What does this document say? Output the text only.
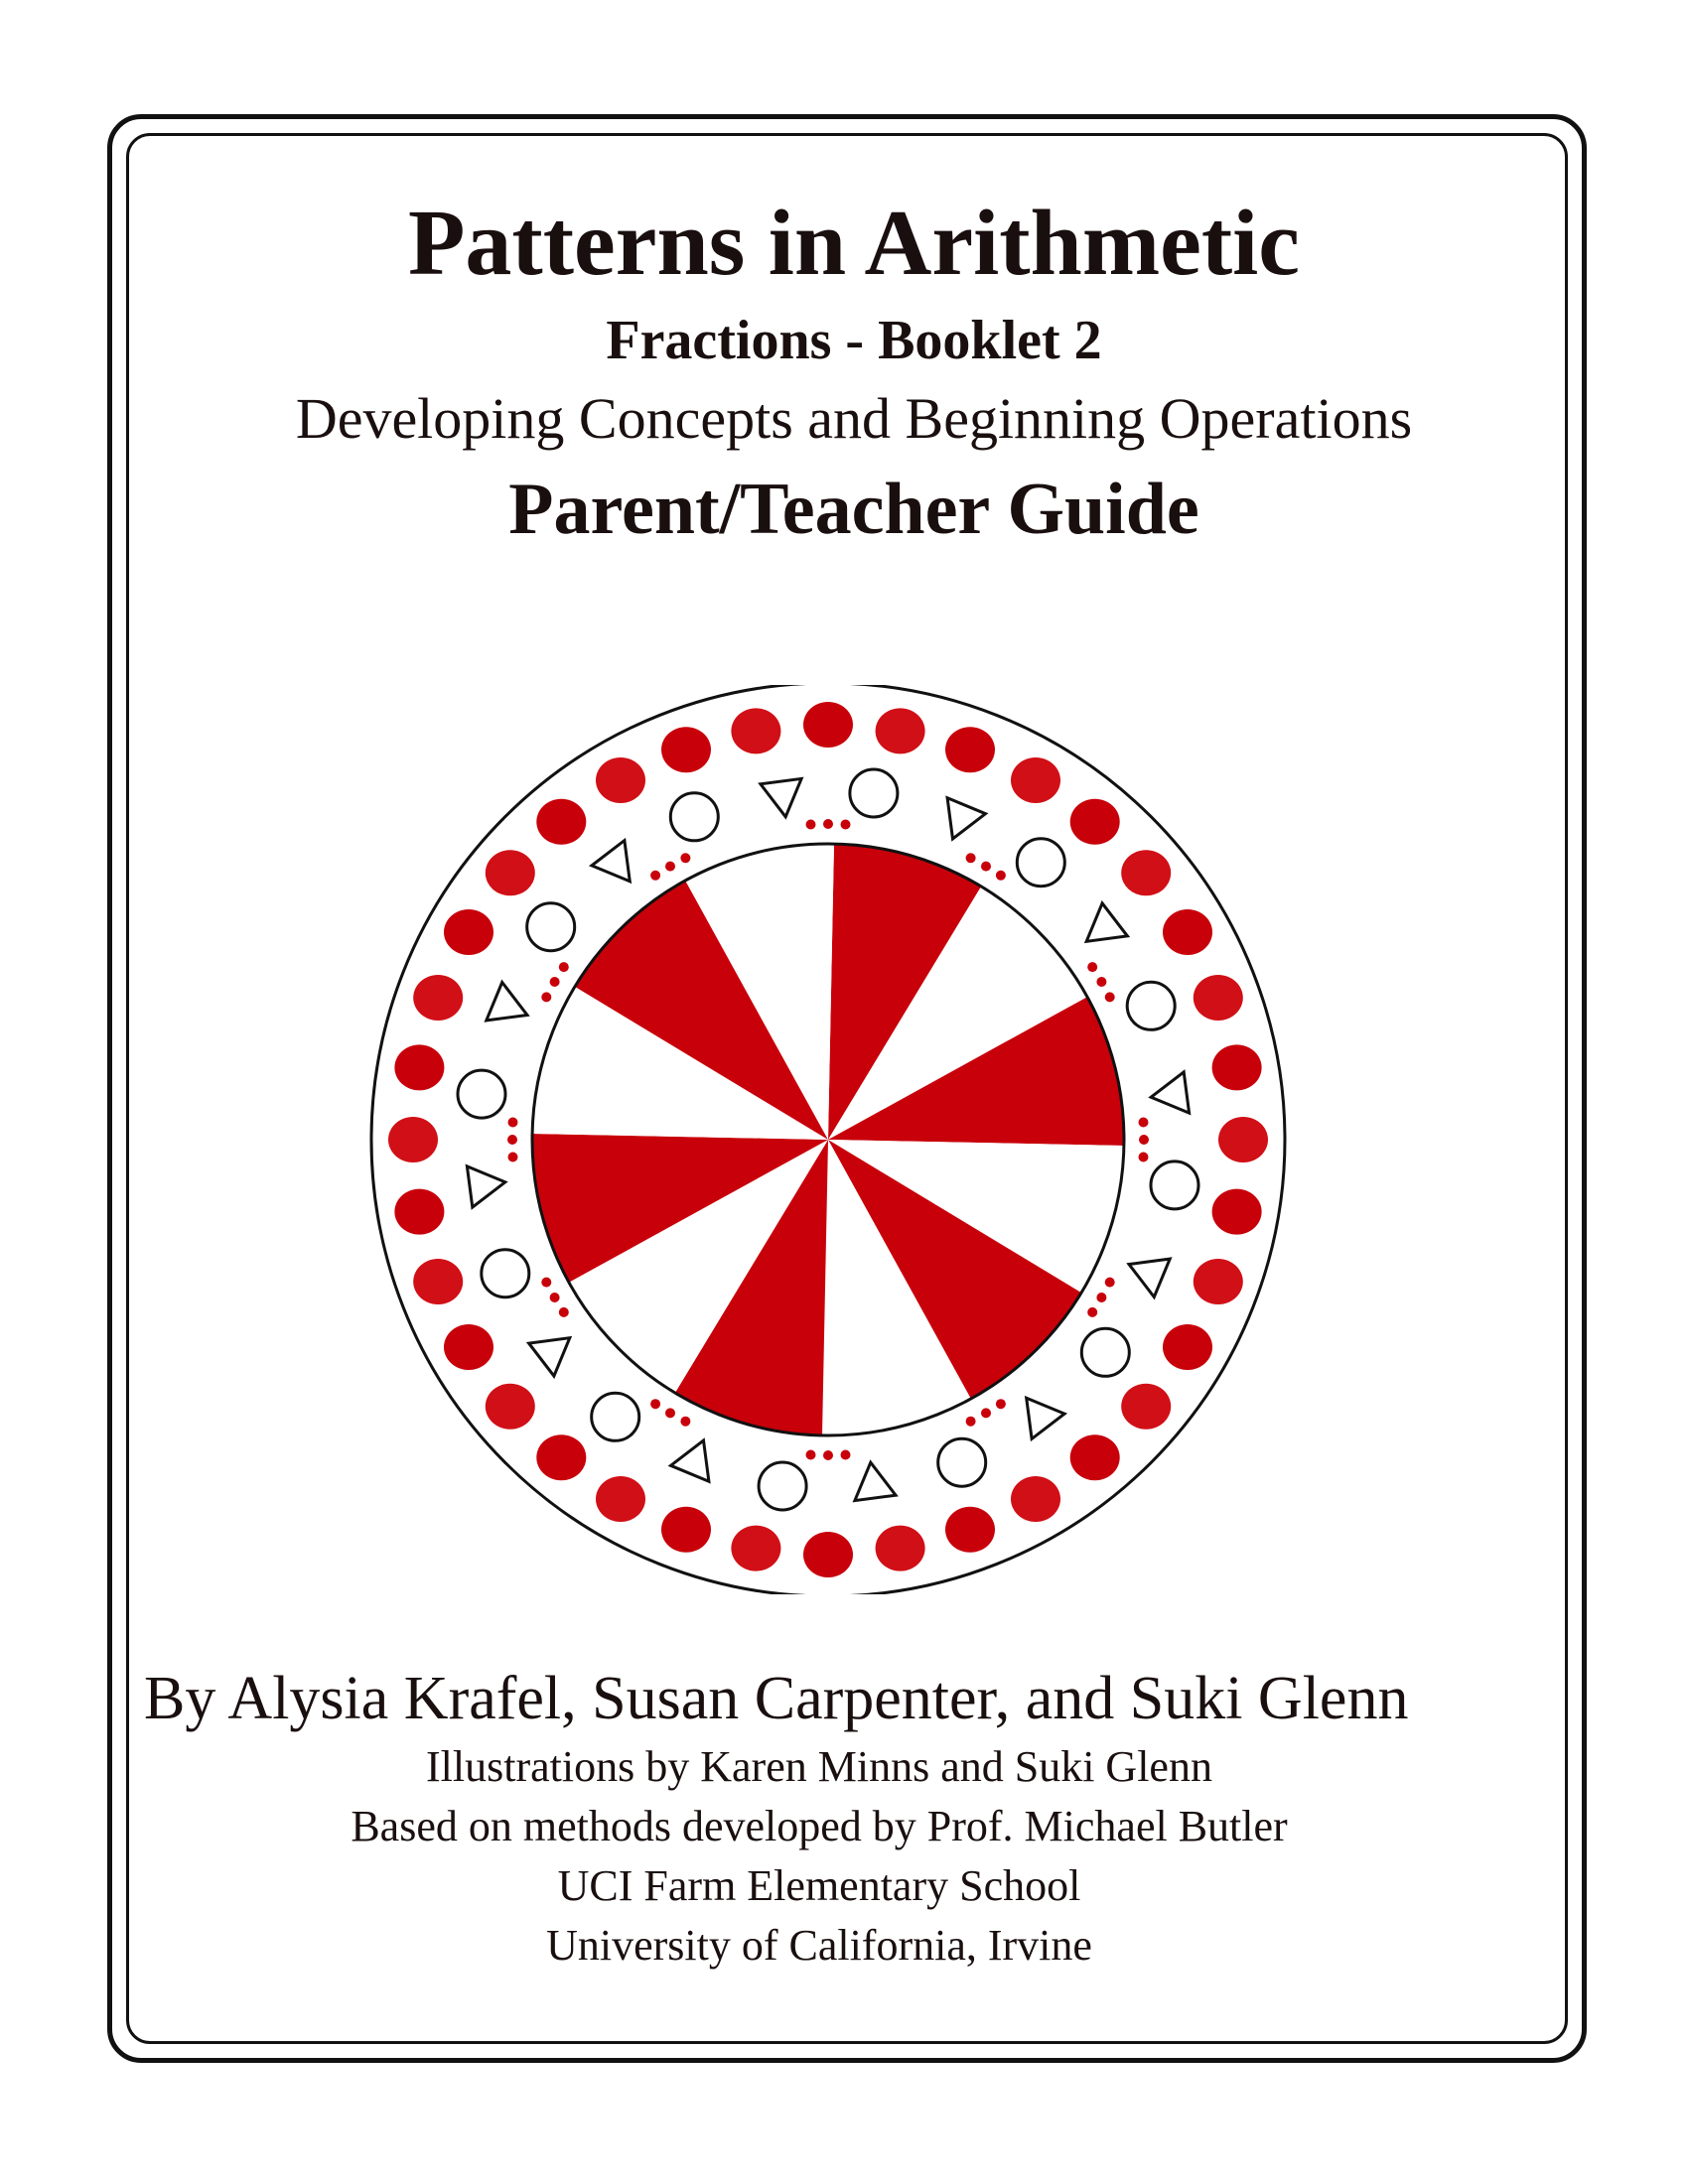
Patterns in Arithmetic
Fractions - Booklet 2
Developing Concepts and Beginning Operations
Parent/Teacher Guide
By Alysia Krafel, Susan Carpenter, and Suki Glenn
Illustrations by Karen Minns and Suki Glenn
Based on methods developed by Prof. Michael Butler
UCI Farm Elementary School
University of California, Irvine
